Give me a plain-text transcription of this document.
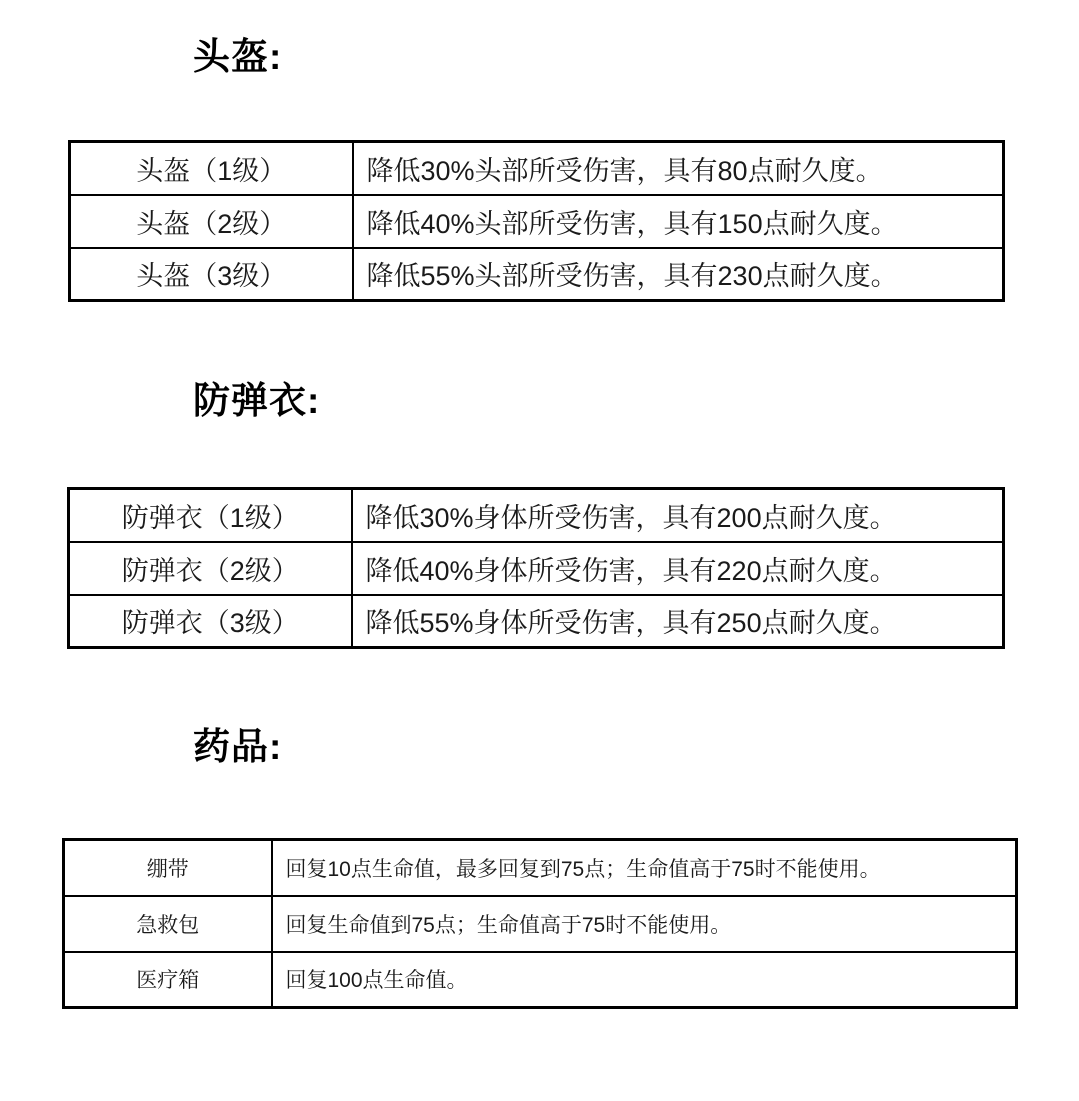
头盔:
头盔（1级）	降低30%头部所受伤害，具有80点耐久度。
头盔（2级）	降低40%头部所受伤害，具有150点耐久度。
头盔（3级）	降低55%头部所受伤害，具有230点耐久度。
防弹衣:
防弹衣（1级）	降低30%身体所受伤害，具有200点耐久度。
防弹衣（2级）	降低40%身体所受伤害，具有220点耐久度。
防弹衣（3级）	降低55%身体所受伤害，具有250点耐久度。
药品:
绷带	回复10点生命值，最多回复到75点；生命值高于75时不能使用。
急救包	回复生命值到75点；生命值高于75时不能使用。
医疗箱	回复100点生命值。
